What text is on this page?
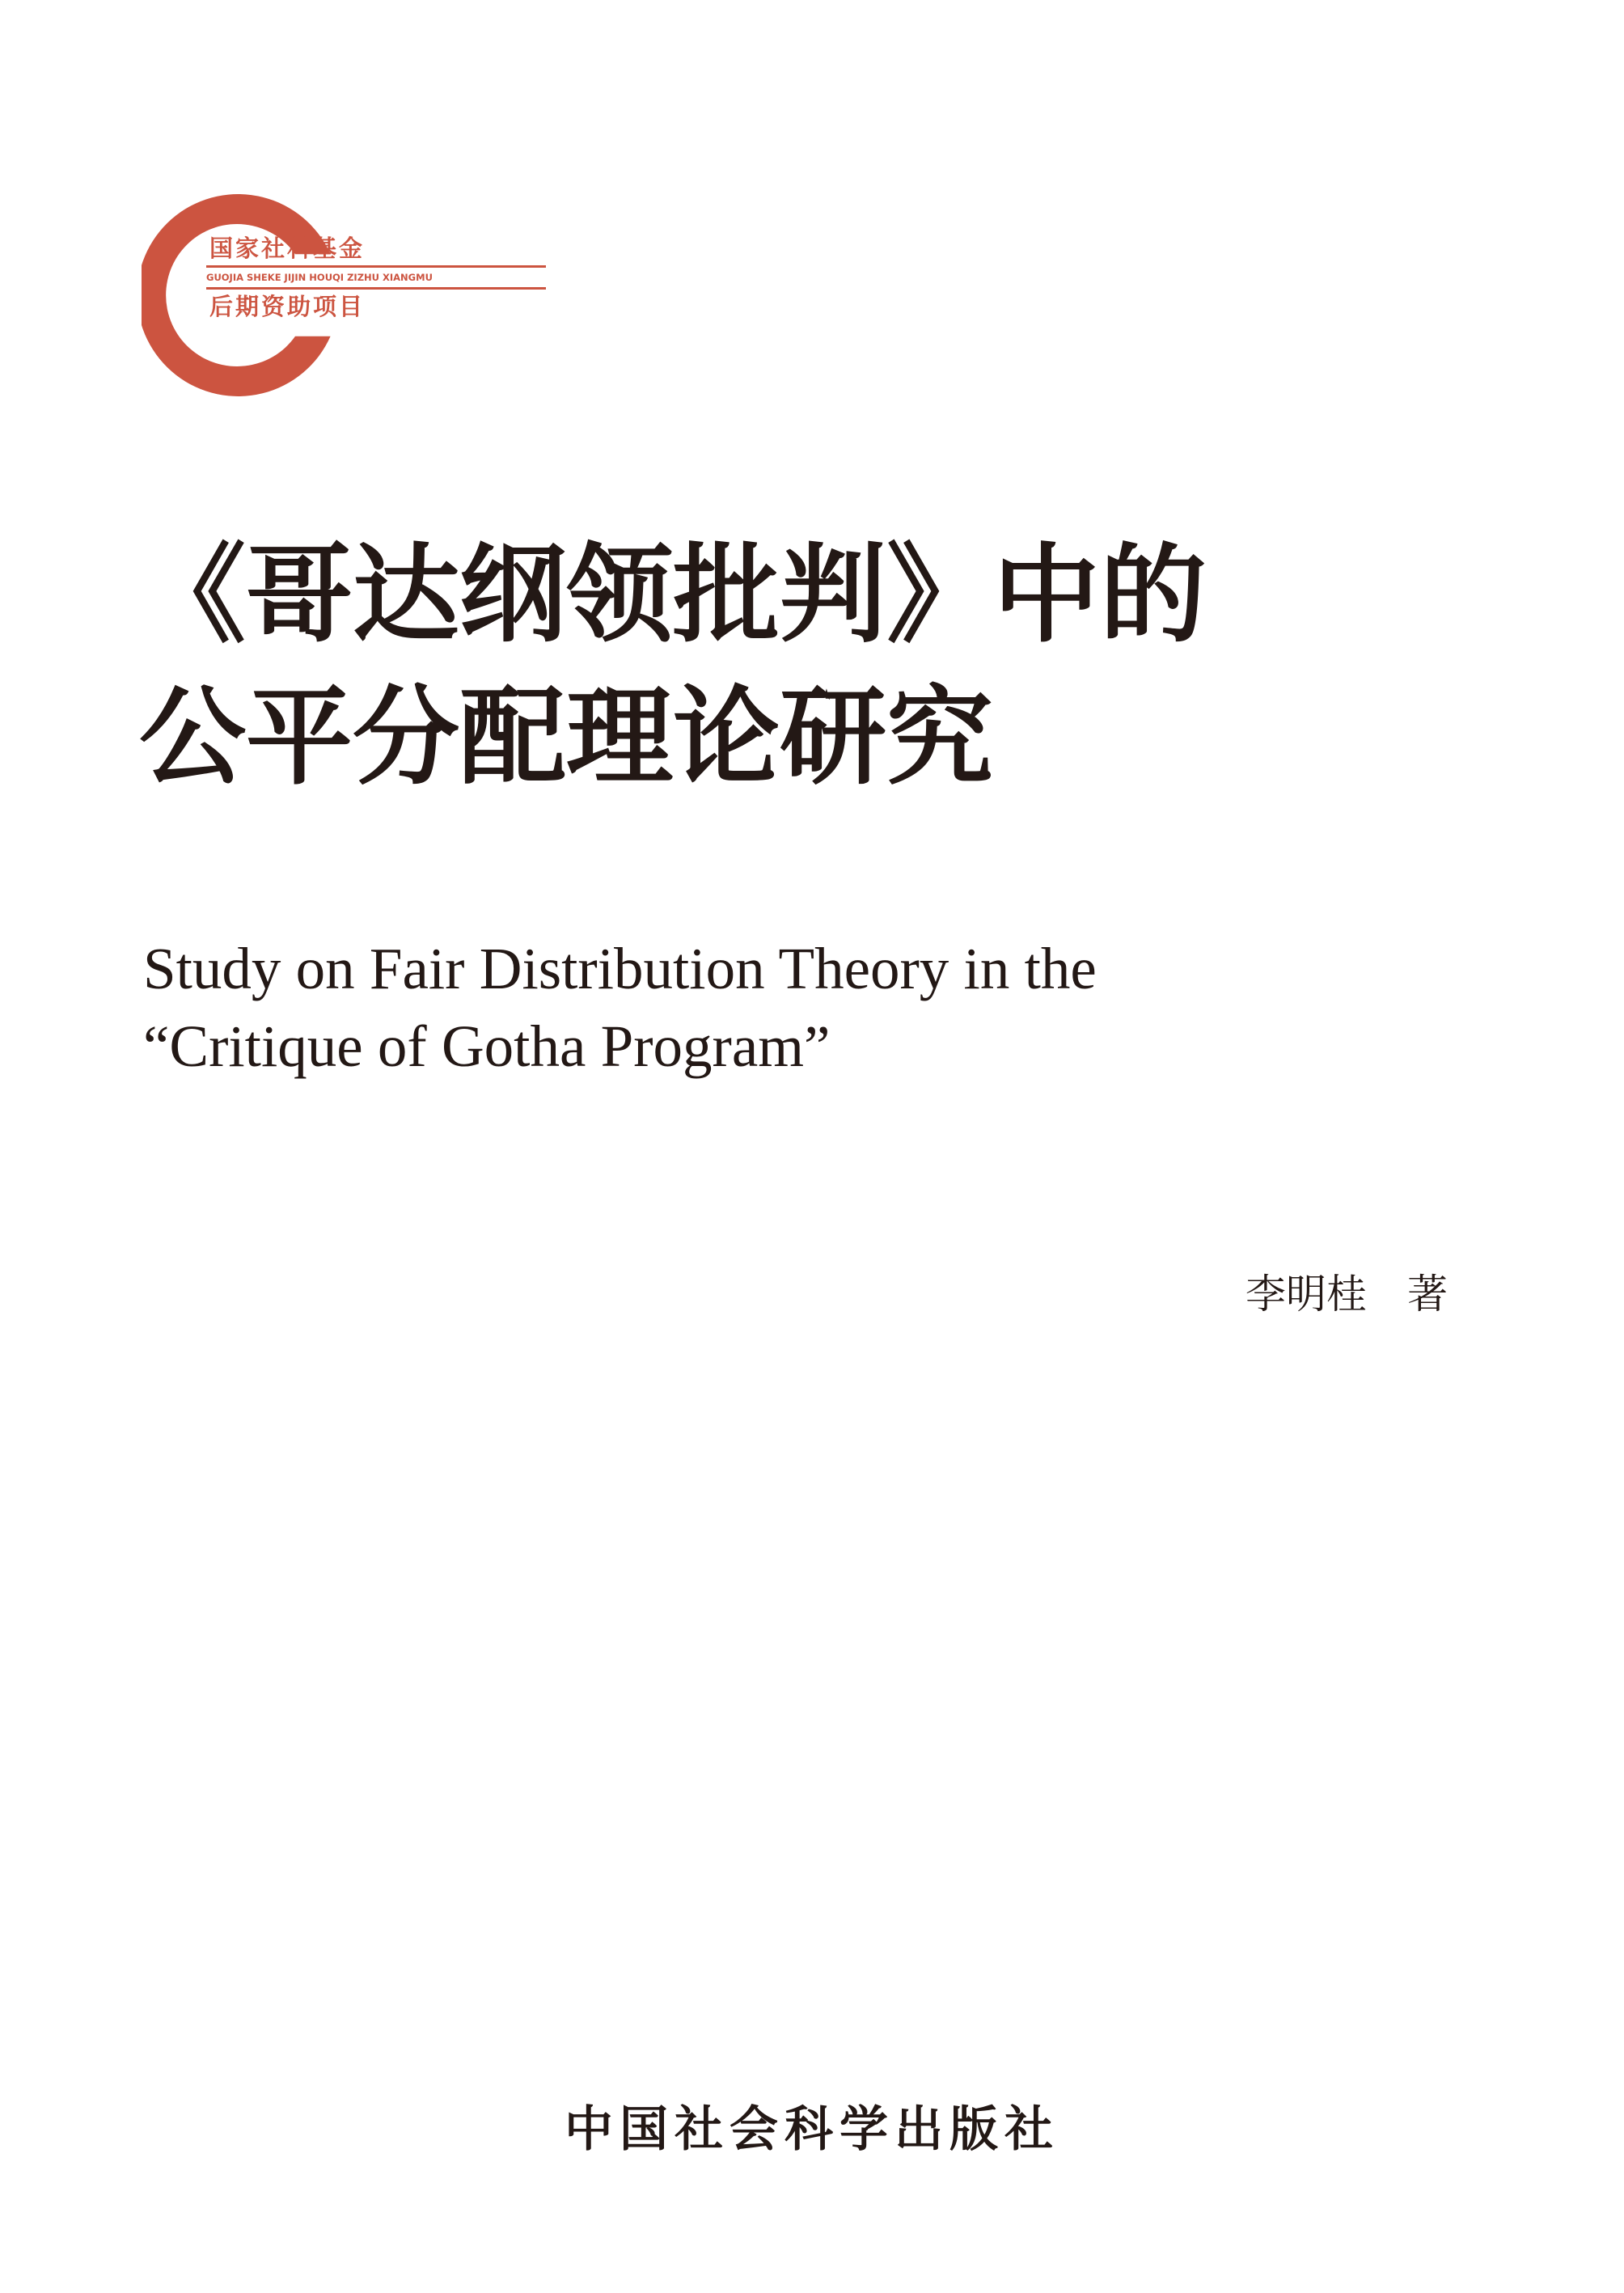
国家社科基金
GUOJIA SHEKE JIJIN HOUQI ZIZHU XIANGMU
后期资助项目
《哥达纲领批判》中的
公平分配理论研究
Study on Fair Distribution Theory in the
“Critique of Gotha Program”
李明桂　著
中国社会科学出版社
